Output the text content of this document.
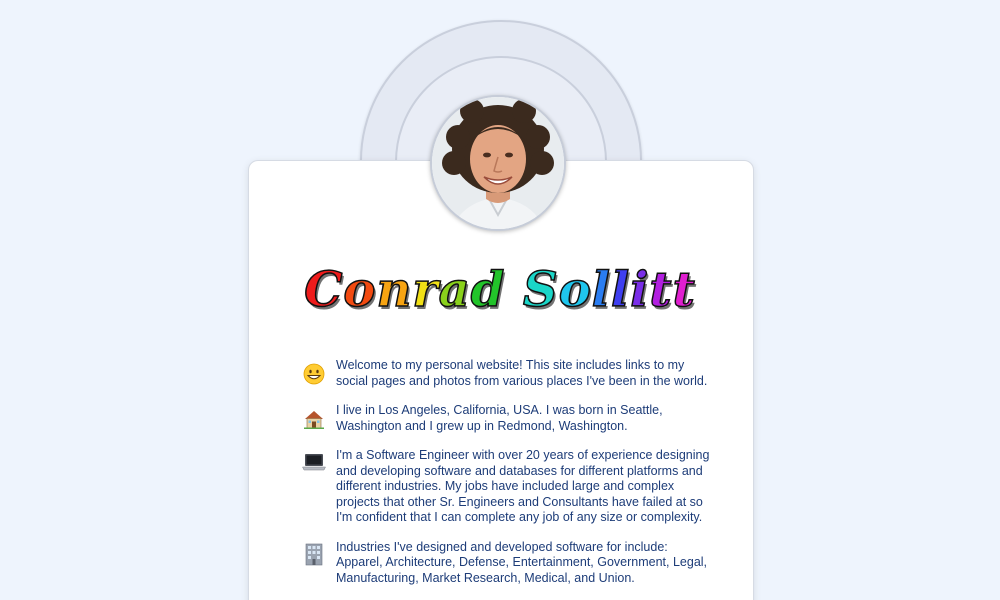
Conrad Sollitt
Welcome to my personal website! This site includes links to my social pages and photos from various places I've been in the world.
I live in Los Angeles, California, USA. I was born in Seattle, Washington and I grew up in Redmond, Washington.
I'm a Software Engineer with over 20 years of experience designing and developing software and databases for different platforms and different industries. My jobs have included large and complex projects that other Sr. Engineers and Consultants have failed at so I'm confident that I can complete any job of any size or complexity.
Industries I've designed and developed software for include: Apparel, Architecture, Defense, Entertainment, Government, Legal, Manufacturing, Market Research, Medical, and Union.
